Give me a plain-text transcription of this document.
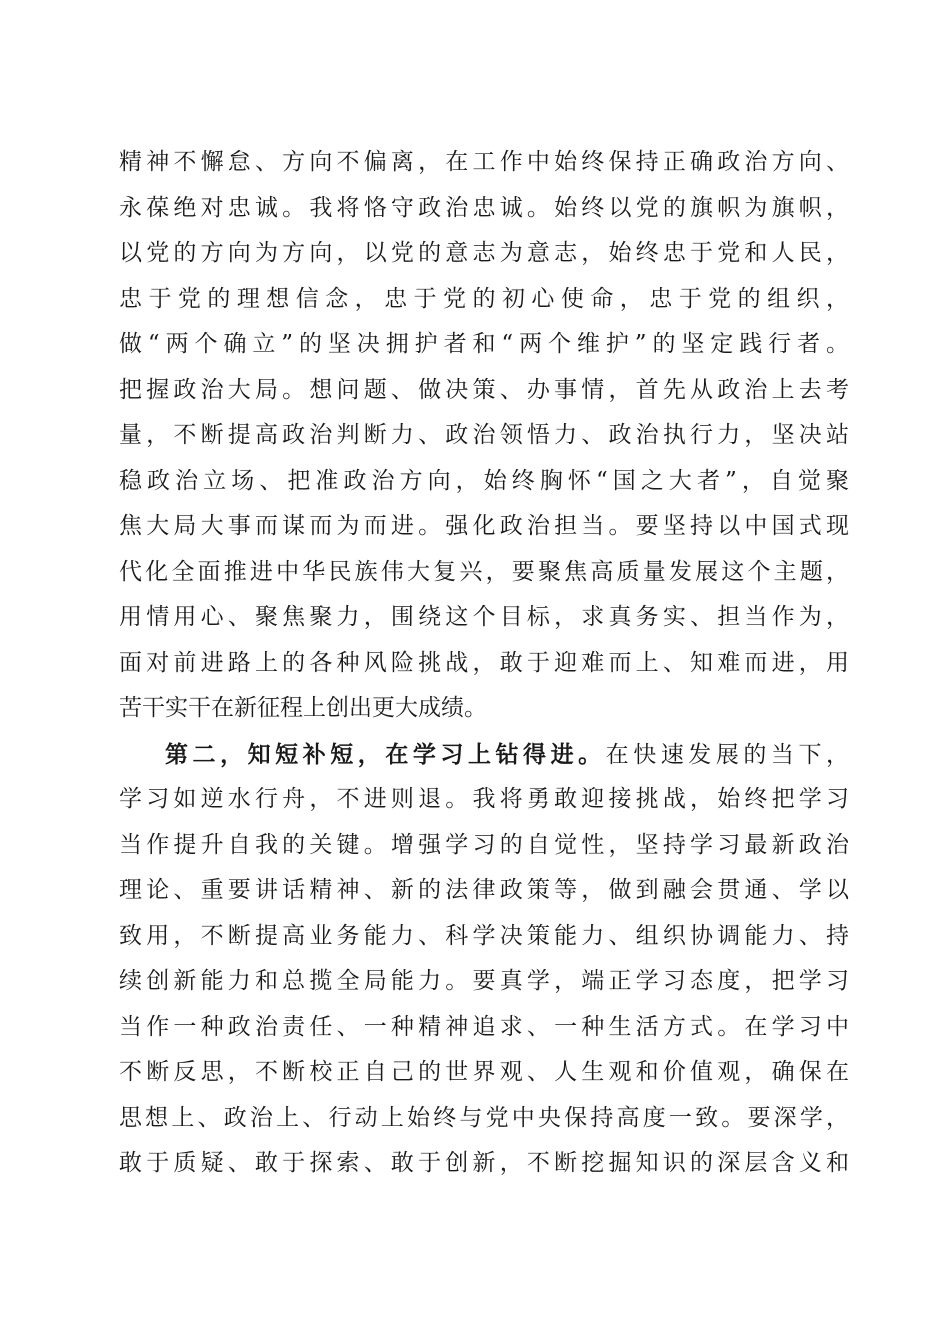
精神不懈怠、方向不偏离，在工作中始终保持正确政治方向、
永葆绝对忠诚。我将恪守政治忠诚。始终以党的旗帜为旗帜，
以党的方向为方向，以党的意志为意志，始终忠于党和人民，
忠于党的理想信念，忠于党的初心使命，忠于党的组织，
做“两个确立”的坚决拥护者和“两个维护”的坚定践行者。
把握政治大局。想问题、做决策、办事情，首先从政治上去考
量，不断提高政治判断力、政治领悟力、政治执行力，坚决站
稳政治立场、把准政治方向，始终胸怀“国之大者”，自觉聚
焦大局大事而谋而为而进。强化政治担当。要坚持以中国式现
代化全面推进中华民族伟大复兴，要聚焦高质量发展这个主题，
用情用心、聚焦聚力，围绕这个目标，求真务实、担当作为，
面对前进路上的各种风险挑战，敢于迎难而上、知难而进，用
苦干实干在新征程上创出更大成绩。
第二，知短补短，在学习上钻得进。在快速发展的当下，
学习如逆水行舟，不进则退。我将勇敢迎接挑战，始终把学习
当作提升自我的关键。增强学习的自觉性，坚持学习最新政治
理论、重要讲话精神、新的法律政策等，做到融会贯通、学以
致用，不断提高业务能力、科学决策能力、组织协调能力、持
续创新能力和总揽全局能力。要真学，端正学习态度，把学习
当作一种政治责任、一种精神追求、一种生活方式。在学习中
不断反思，不断校正自己的世界观、人生观和价值观，确保在
思想上、政治上、行动上始终与党中央保持高度一致。要深学，
敢于质疑、敢于探索、敢于创新，不断挖掘知识的深层含义和
